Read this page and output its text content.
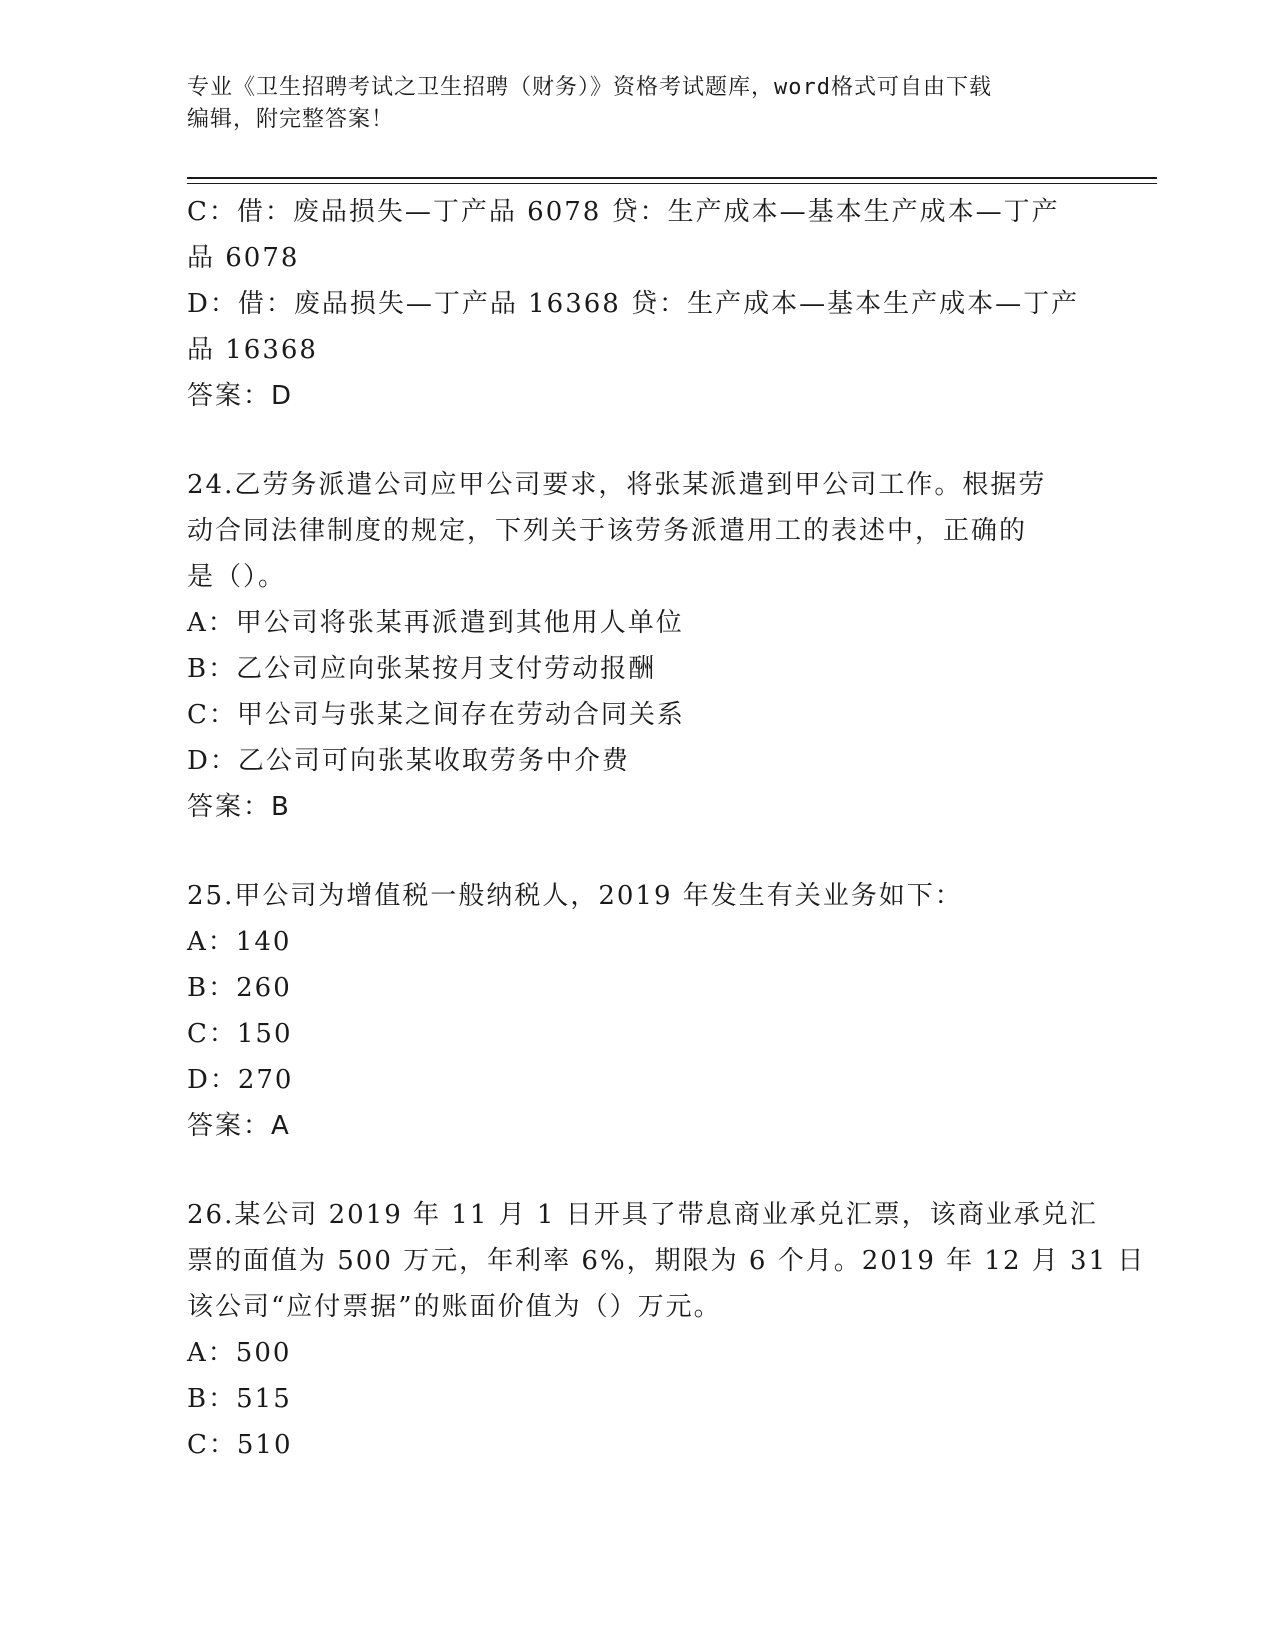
专业《卫生招聘考试之卫生招聘（财务）》资格考试题库，word格式可自由下载
编辑，附完整答案！
C：借：废品损失—丁产品 6078 贷：生产成本—基本生产成本—丁产
品 6078
D：借：废品损失—丁产品 16368 贷：生产成本—基本生产成本—丁产
品 16368
答案：D
24.乙劳务派遣公司应甲公司要求，将张某派遣到甲公司工作。根据劳
动合同法律制度的规定，下列关于该劳务派遣用工的表述中，正确的
是（）。
A：甲公司将张某再派遣到其他用人单位
B：乙公司应向张某按月支付劳动报酬
C：甲公司与张某之间存在劳动合同关系
D：乙公司可向张某收取劳务中介费
答案：B
25.甲公司为增值税一般纳税人，2019 年发生有关业务如下：
A：140
B：260
C：150
D：270
答案：A
26.某公司 2019 年 11 月 1 日开具了带息商业承兑汇票，该商业承兑汇
票的面值为 500 万元，年利率 6%，期限为 6 个月。2019 年 12 月 31 日
该公司“应付票据”的账面价值为（）万元。
A：500
B：515
C：510
